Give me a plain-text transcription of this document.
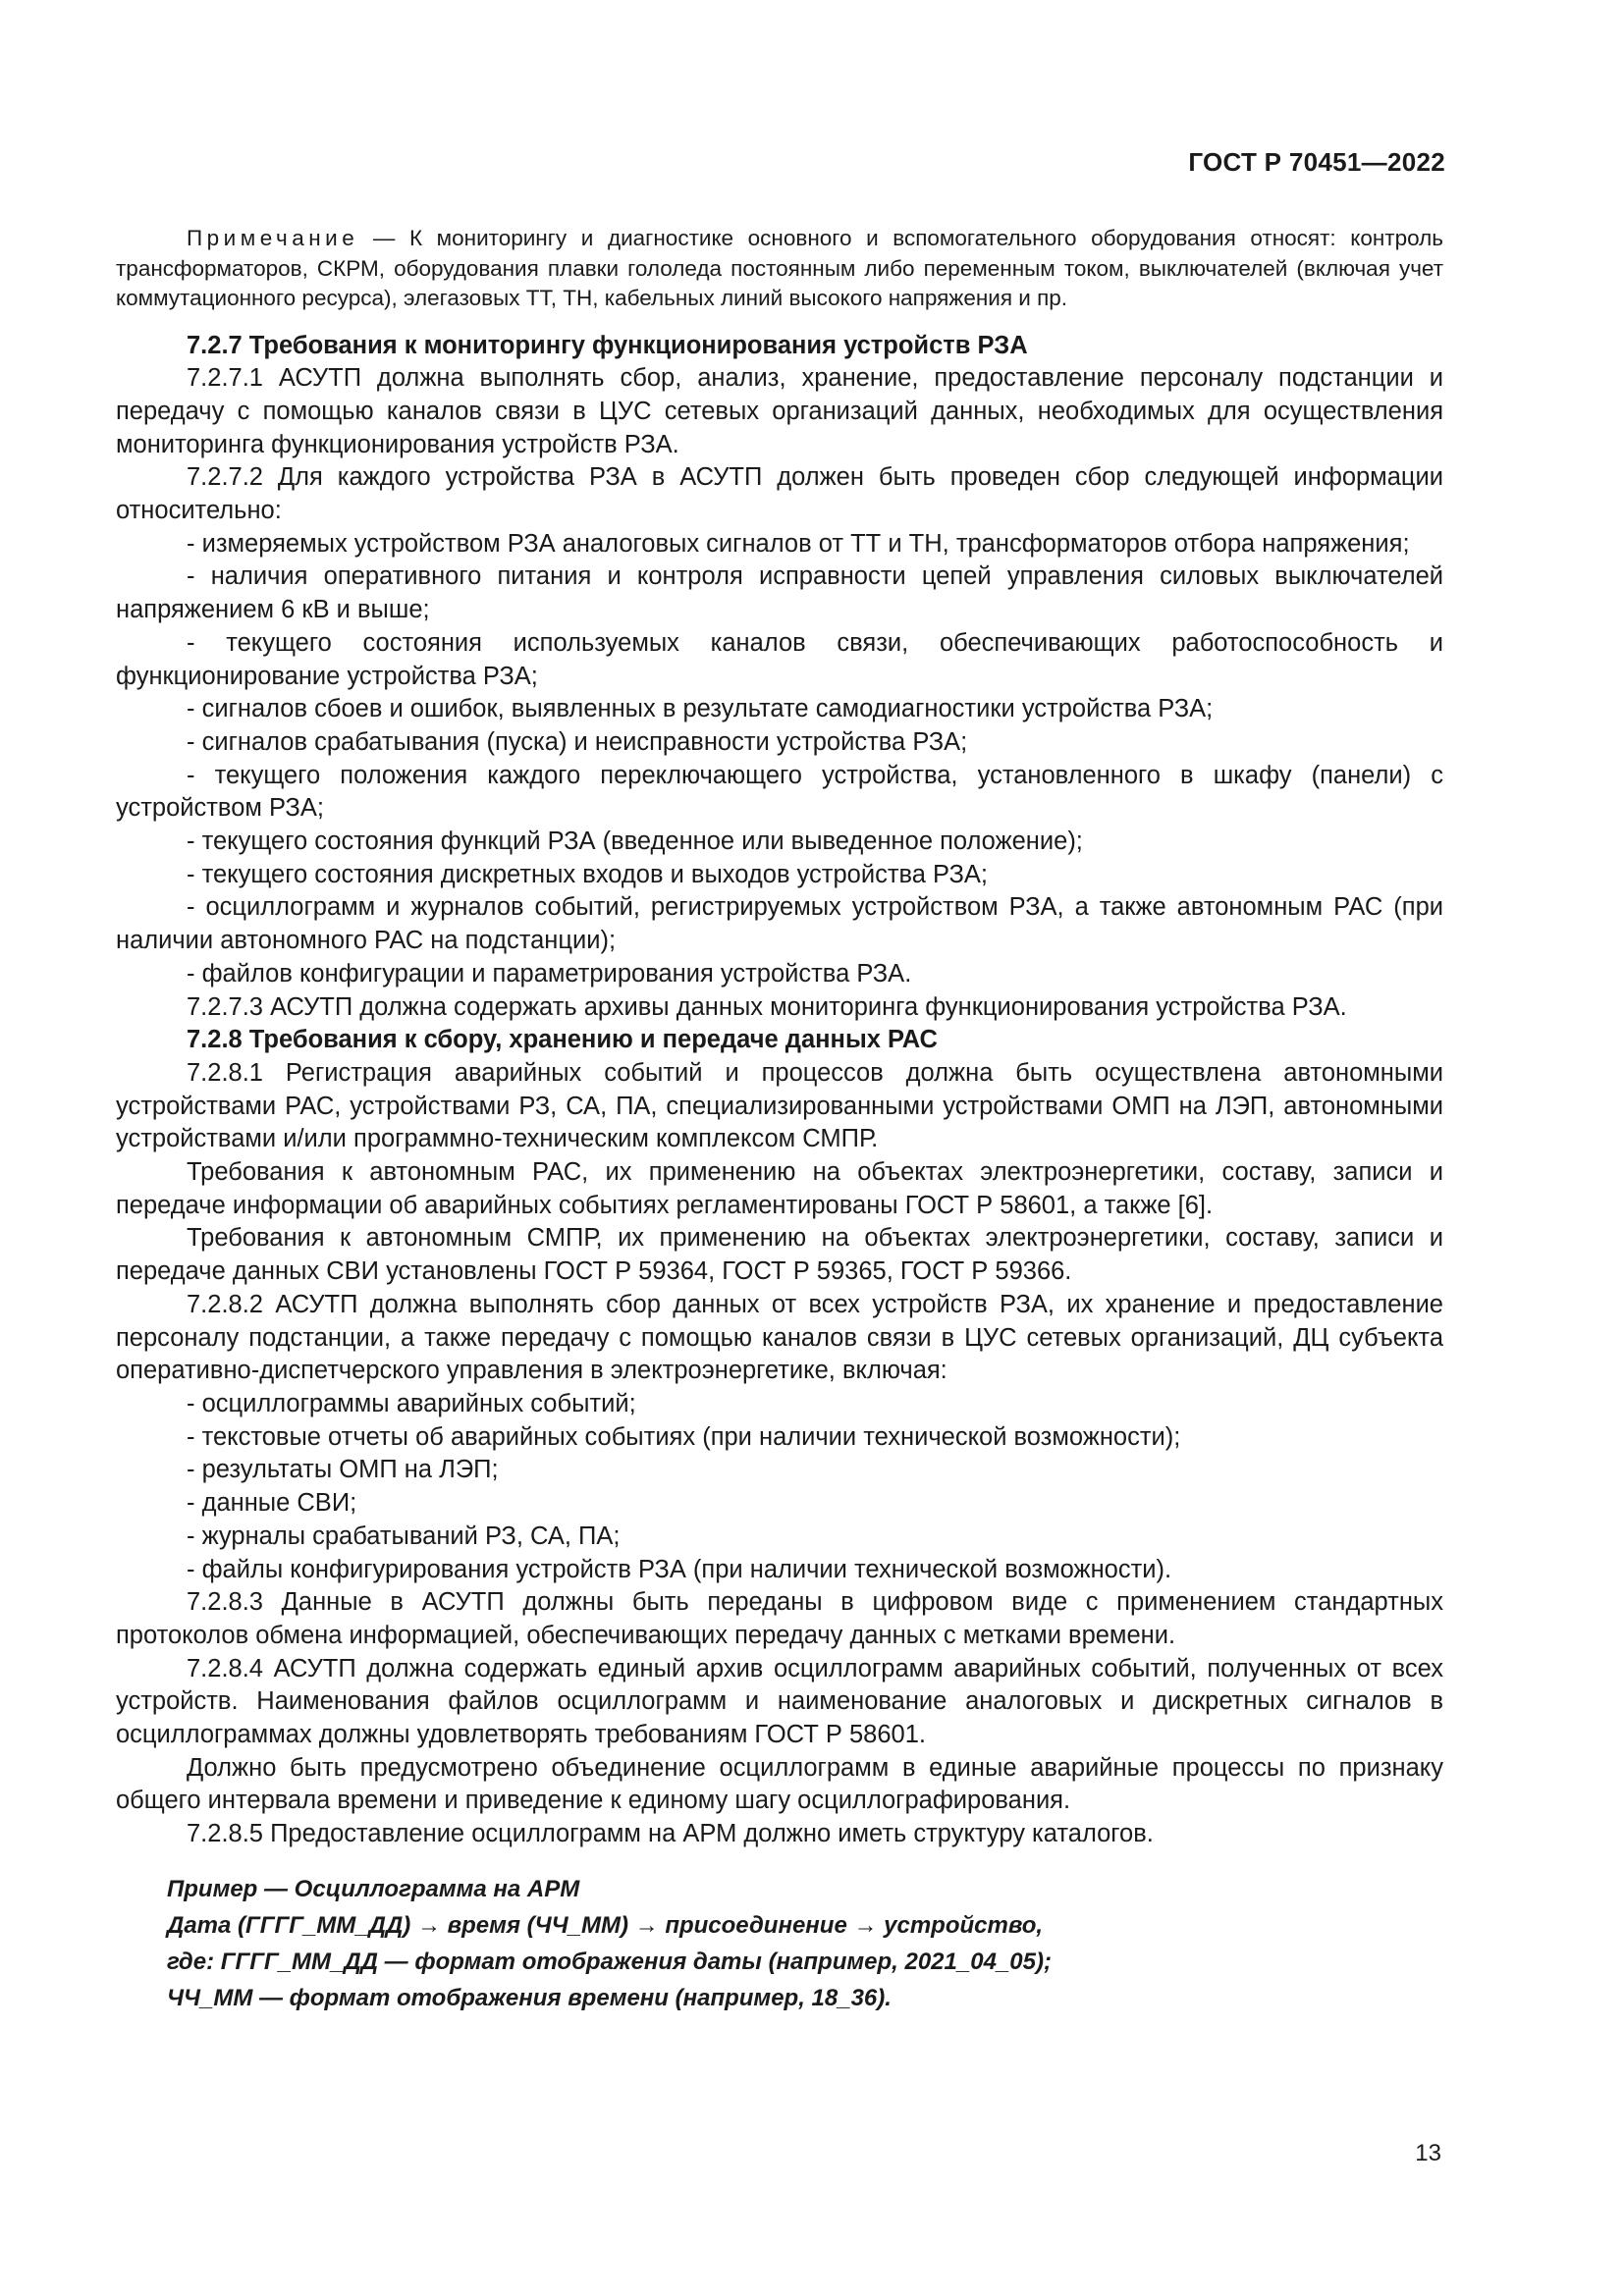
ГОСТ Р 70451—2022

Примечание — К мониторингу и диагностике основного и вспомогательного оборудования относят: контроль трансформаторов, СКРМ, оборудования плавки гололеда постоянным либо переменным током, выключателей (включая учет коммутационного ресурса), элегазовых ТТ, ТН, кабельных линий высокого напряжения и пр.

7.2.7 Требования к мониторингу функционирования устройств РЗА

7.2.7.1 АСУТП должна выполнять сбор, анализ, хранение, предоставление персоналу подстанции и передачу с помощью каналов связи в ЦУС сетевых организаций данных, необходимых для осуществления мониторинга функционирования устройств РЗА.

7.2.7.2 Для каждого устройства РЗА в АСУТП должен быть проведен сбор следующей информации относительно:

- измеряемых устройством РЗА аналоговых сигналов от ТТ и ТН, трансформаторов отбора напряжения;

- наличия оперативного питания и контроля исправности цепей управления силовых выключателей напряжением 6 кВ и выше;

- текущего состояния используемых каналов связи, обеспечивающих работоспособность и функционирование устройства РЗА;

- сигналов сбоев и ошибок, выявленных в результате самодиагностики устройства РЗА;

- сигналов срабатывания (пуска) и неисправности устройства РЗА;

- текущего положения каждого переключающего устройства, установленного в шкафу (панели) с устройством РЗА;

- текущего состояния функций РЗА (введенное или выведенное положение);

- текущего состояния дискретных входов и выходов устройства РЗА;

- осциллограмм и журналов событий, регистрируемых устройством РЗА, а также автономным РАС (при наличии автономного РАС на подстанции);

- файлов конфигурации и параметрирования устройства РЗА.

7.2.7.3 АСУТП должна содержать архивы данных мониторинга функционирования устройства РЗА.

7.2.8 Требования к сбору, хранению и передаче данных РАС

7.2.8.1 Регистрация аварийных событий и процессов должна быть осуществлена автономными устройствами РАС, устройствами РЗ, СА, ПА, специализированными устройствами ОМП на ЛЭП, автономными устройствами и/или программно-техническим комплексом СМПР.

Требования к автономным РАС, их применению на объектах электроэнергетики, составу, записи и передаче информации об аварийных событиях регламентированы ГОСТ Р 58601, а также [6].

Требования к автономным СМПР, их применению на объектах электроэнергетики, составу, записи и передаче данных СВИ установлены ГОСТ Р 59364, ГОСТ Р 59365, ГОСТ Р 59366.

7.2.8.2 АСУТП должна выполнять сбор данных от всех устройств РЗА, их хранение и предоставление персоналу подстанции, а также передачу с помощью каналов связи в ЦУС сетевых организаций, ДЦ субъекта оперативно-диспетчерского управления в электроэнергетике, включая:

- осциллограммы аварийных событий;

- текстовые отчеты об аварийных событиях (при наличии технической возможности);

- результаты ОМП на ЛЭП;

- данные СВИ;

- журналы срабатываний РЗ, СА, ПА;

- файлы конфигурирования устройств РЗА (при наличии технической возможности).

7.2.8.3 Данные в АСУТП должны быть переданы в цифровом виде с применением стандартных протоколов обмена информацией, обеспечивающих передачу данных с метками времени.

7.2.8.4 АСУТП должна содержать единый архив осциллограмм аварийных событий, полученных от всех устройств. Наименования файлов осциллограмм и наименование аналоговых и дискретных сигналов в осциллограммах должны удовлетворять требованиям ГОСТ Р 58601.

Должно быть предусмотрено объединение осциллограмм в единые аварийные процессы по признаку общего интервала времени и приведение к единому шагу осциллографирования.

7.2.8.5 Предоставление осциллограмм на АРМ должно иметь структуру каталогов.

Пример — Осциллограмма на АРМ

Дата (ГГГГ_ММ_ДД) → время (ЧЧ_ММ) → присоединение → устройство,

где: ГГГГ_ММ_ДД — формат отображения даты (например, 2021_04_05);

ЧЧ_ММ — формат отображения времени (например, 18_36).

13
